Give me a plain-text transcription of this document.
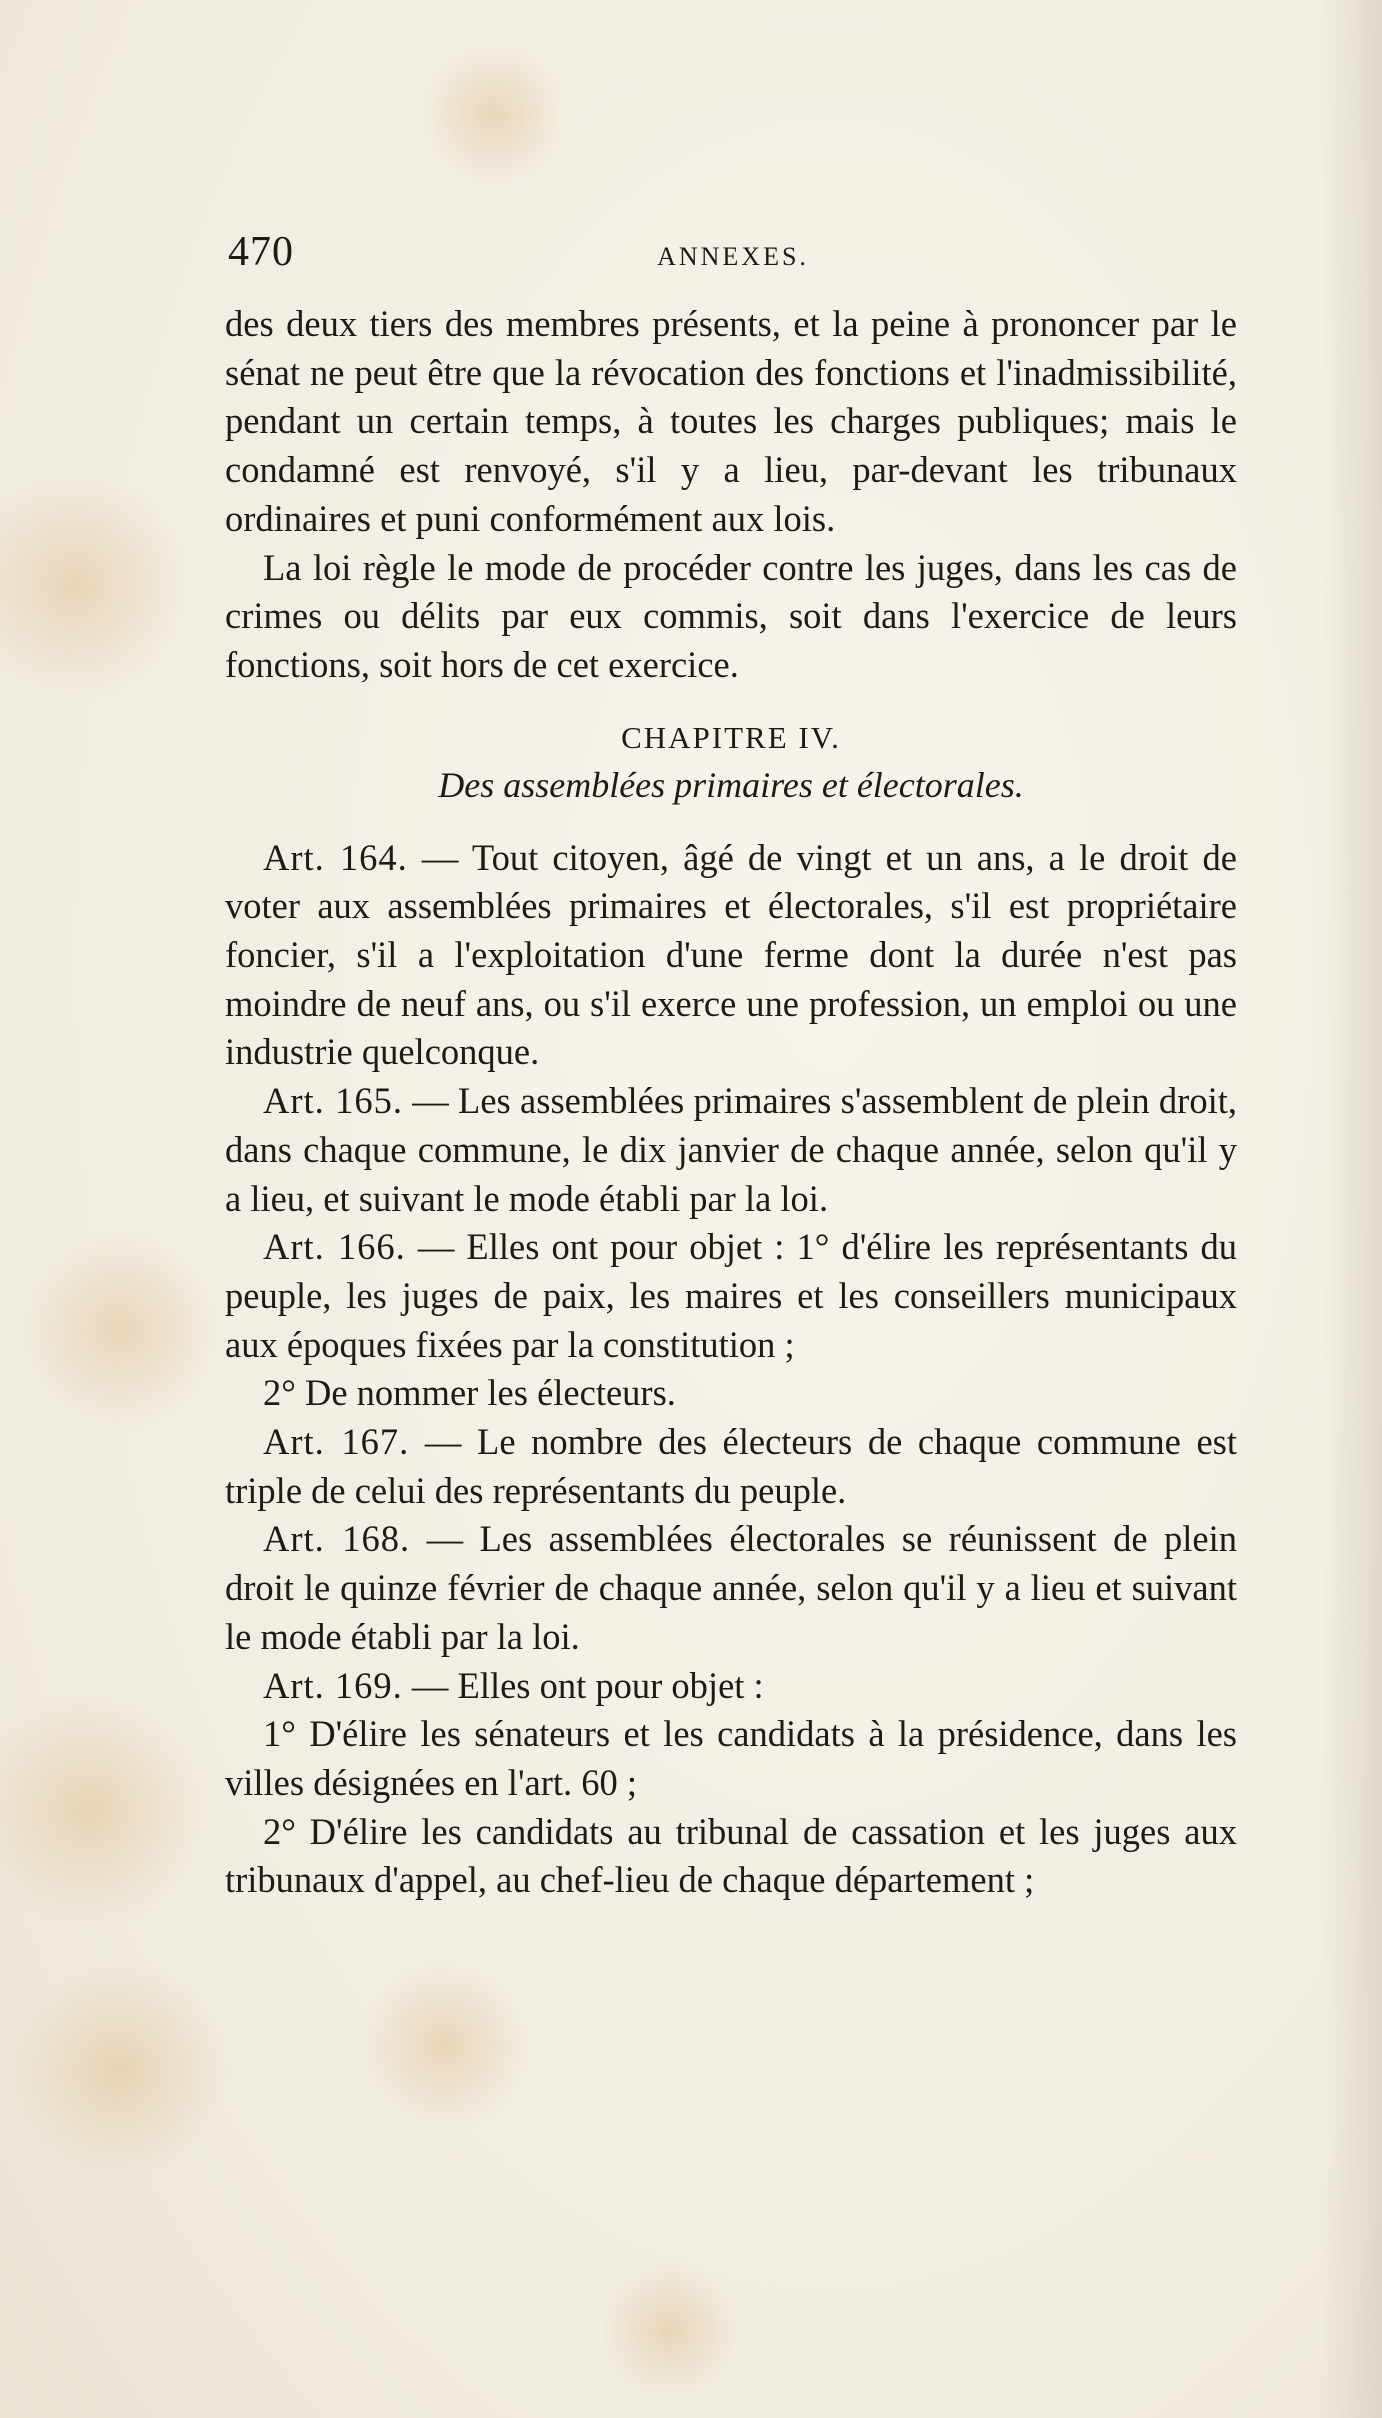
470	ANNEXES.

des deux tiers des membres présents, et la peine à prononcer par le sénat ne peut être que la révocation des fonctions et l'inadmissibilité, pendant un certain temps, à toutes les charges publiques; mais le condamné est renvoyé, s'il y a lieu, par-devant les tribunaux ordinaires et puni conformément aux lois.

La loi règle le mode de procéder contre les juges, dans les cas de crimes ou délits par eux commis, soit dans l'exercice de leurs fonctions, soit hors de cet exercice.

CHAPITRE IV.
Des assemblées primaires et électorales.

Art. 164. — Tout citoyen, âgé de vingt et un ans, a le droit de voter aux assemblées primaires et électorales, s'il est propriétaire foncier, s'il a l'exploitation d'une ferme dont la durée n'est pas moindre de neuf ans, ou s'il exerce une profession, un emploi ou une industrie quelconque.

Art. 165. — Les assemblées primaires s'assemblent de plein droit, dans chaque commune, le dix janvier de chaque année, selon qu'il y a lieu, et suivant le mode établi par la loi.

Art. 166. — Elles ont pour objet : 1° d'élire les représentants du peuple, les juges de paix, les maires et les conseillers municipaux aux époques fixées par la constitution ;

2° De nommer les électeurs.

Art. 167. — Le nombre des électeurs de chaque commune est triple de celui des représentants du peuple.

Art. 168. — Les assemblées électorales se réunissent de plein droit le quinze février de chaque année, selon qu'il y a lieu et suivant le mode établi par la loi.

Art. 169. — Elles ont pour objet :

1° D'élire les sénateurs et les candidats à la présidence, dans les villes désignées en l'art. 60 ;

2° D'élire les candidats au tribunal de cassation et les juges aux tribunaux d'appel, au chef-lieu de chaque département ;
